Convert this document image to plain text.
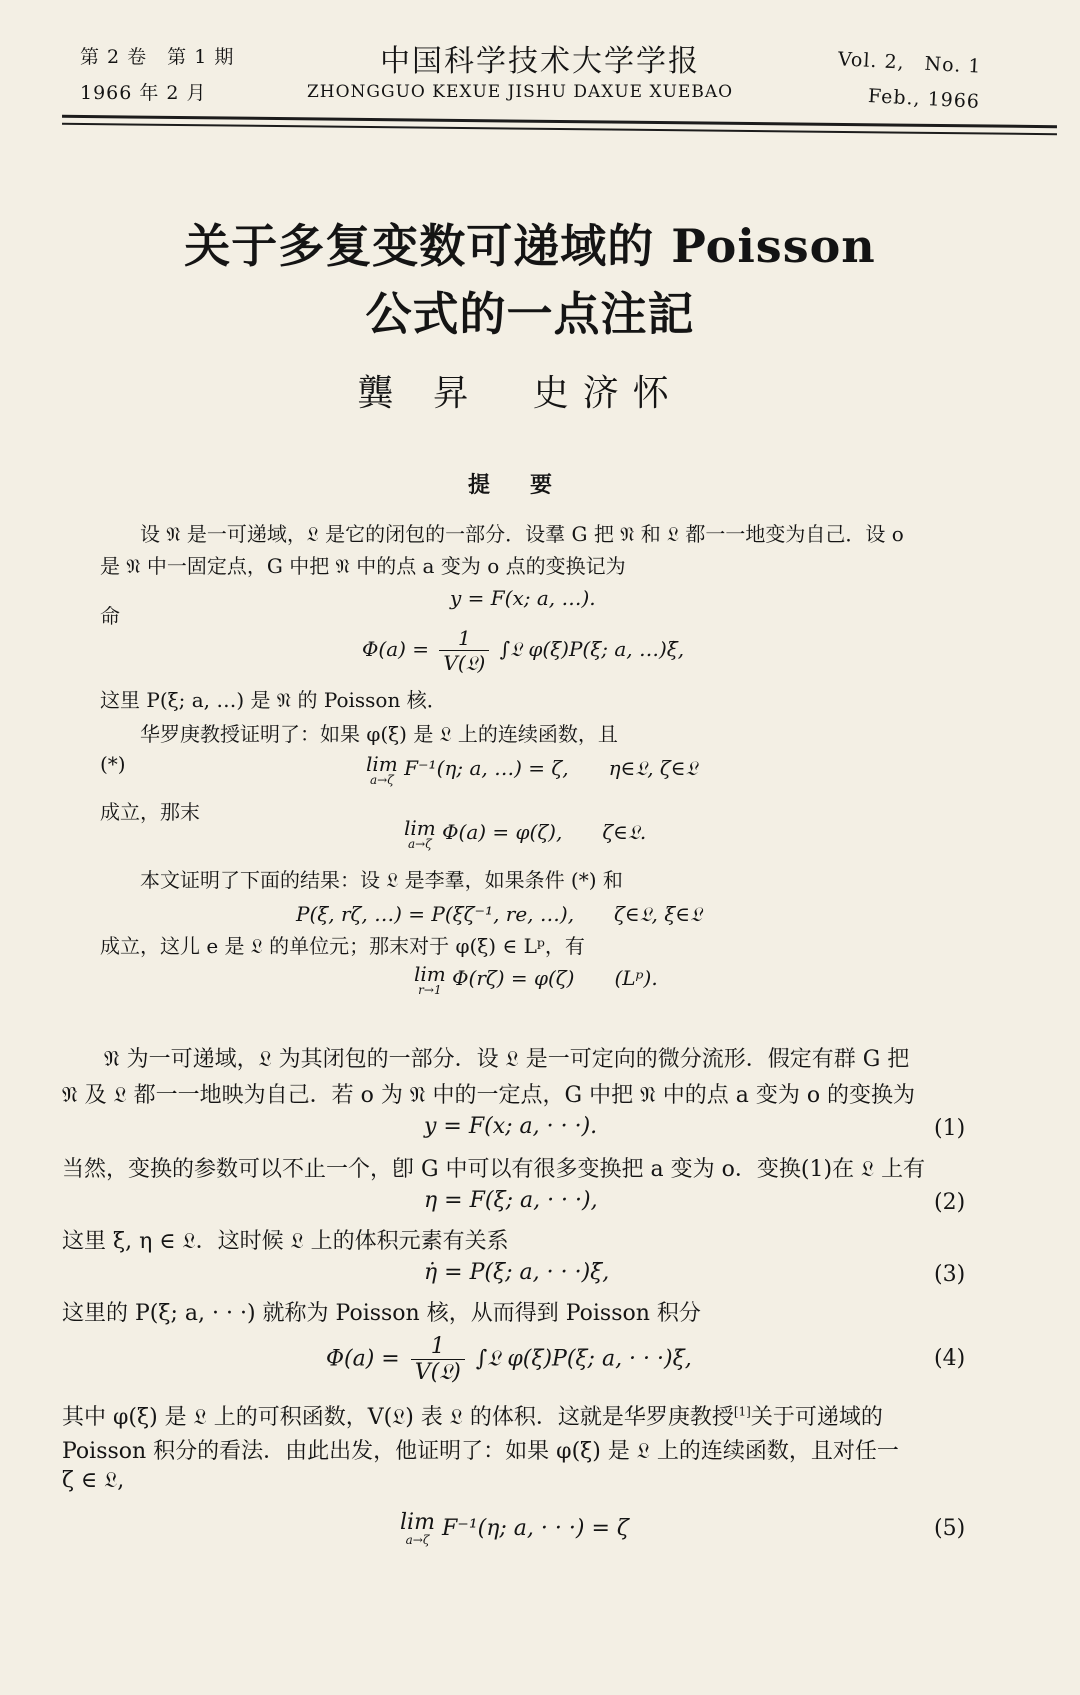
第 2 卷　第 1 期
1966 年 2 月
中国科学技术大学学报
ZHONGGUO KEXUE JISHU DAXUE XUEBAO
Vol. 2,　No. 1
Feb., 1966
关于多复变数可递域的 Poisson
公式的一点注記
龔 昇　史济怀
提要
设 𝔑 是一可递域，𝔏 是它的闭包的一部分．设羣 G 把 𝔑 和 𝔏 都一一地变为自己．设 o
是 𝔑 中一固定点，G 中把 𝔑 中的点 a 变为 o 点的变换记为
y = F(x; a, …).
命
$\Phi(a) = \frac{1}{\text{V(𝔏)}}$ ∫𝔏 φ(ξ)P(ξ; a, …)ξ̇,
这里 P(ξ; a, …) 是 𝔑 的 Poisson 核．
华罗庚教授证明了：如果 φ(ξ) 是 𝔏 上的连续函数，且
(*)	lim
a→ζ F⁻¹(η; a, …) = ζ,　　η∈𝔏, ζ∈𝔏
成立，那末
lim
a→ζ Φ(a) = φ(ζ),　　ζ∈𝔏.
本文证明了下面的结果：设 𝔏 是李羣，如果条件 (*) 和
P(ξ, rζ, …) = P(ξζ⁻¹, re, …),　　ζ∈𝔏, ξ∈𝔏
成立，这儿 e 是 𝔏 的单位元；那末对于 φ(ξ) ∈ Lᵖ，有
lim
r→1 Φ(rζ) = φ(ζ)　　(Lᵖ).
𝔑 为一可递域，𝔏 为其闭包的一部分．设 𝔏 是一可定向的微分流形．假定有群 G 把
𝔑 及 𝔏 都一一地映为自己．若 o 为 𝔑 中的一定点，G 中把 𝔑 中的点 a 变为 o 的变换为
y = F(x; a, · · ·).	(1)
当然，变换的参数可以不止一个，卽 G 中可以有很多变换把 a 变为 o．变换(1)在 𝔏 上有
η = F(ξ; a, · · ·),	(2)
这里 ξ, η ∈ 𝔏．这时候 𝔏 上的体积元素有关系
η̇ = P(ξ; a, · · ·)ξ̇,	(3)
这里的 P(ξ; a, · · ·) 就称为 Poisson 核，从而得到 Poisson 积分
$\Phi(a) = \frac{1}{\text{V(𝔏)}}$ ∫𝔏 φ(ξ)P(ξ; a, · · ·)ξ̇,	(4)
其中 φ(ξ) 是 𝔏 上的可积函数，V(𝔏) 表 𝔏 的体积．这就是华罗庚教授[1]关于可递域的
Poisson 积分的看法．由此出发，他证明了：如果 φ(ξ) 是 𝔏 上的连续函数，且对任一
ζ ∈ 𝔏,
lim
a→ζ F⁻¹(η; a, · · ·) = ζ	(5)
